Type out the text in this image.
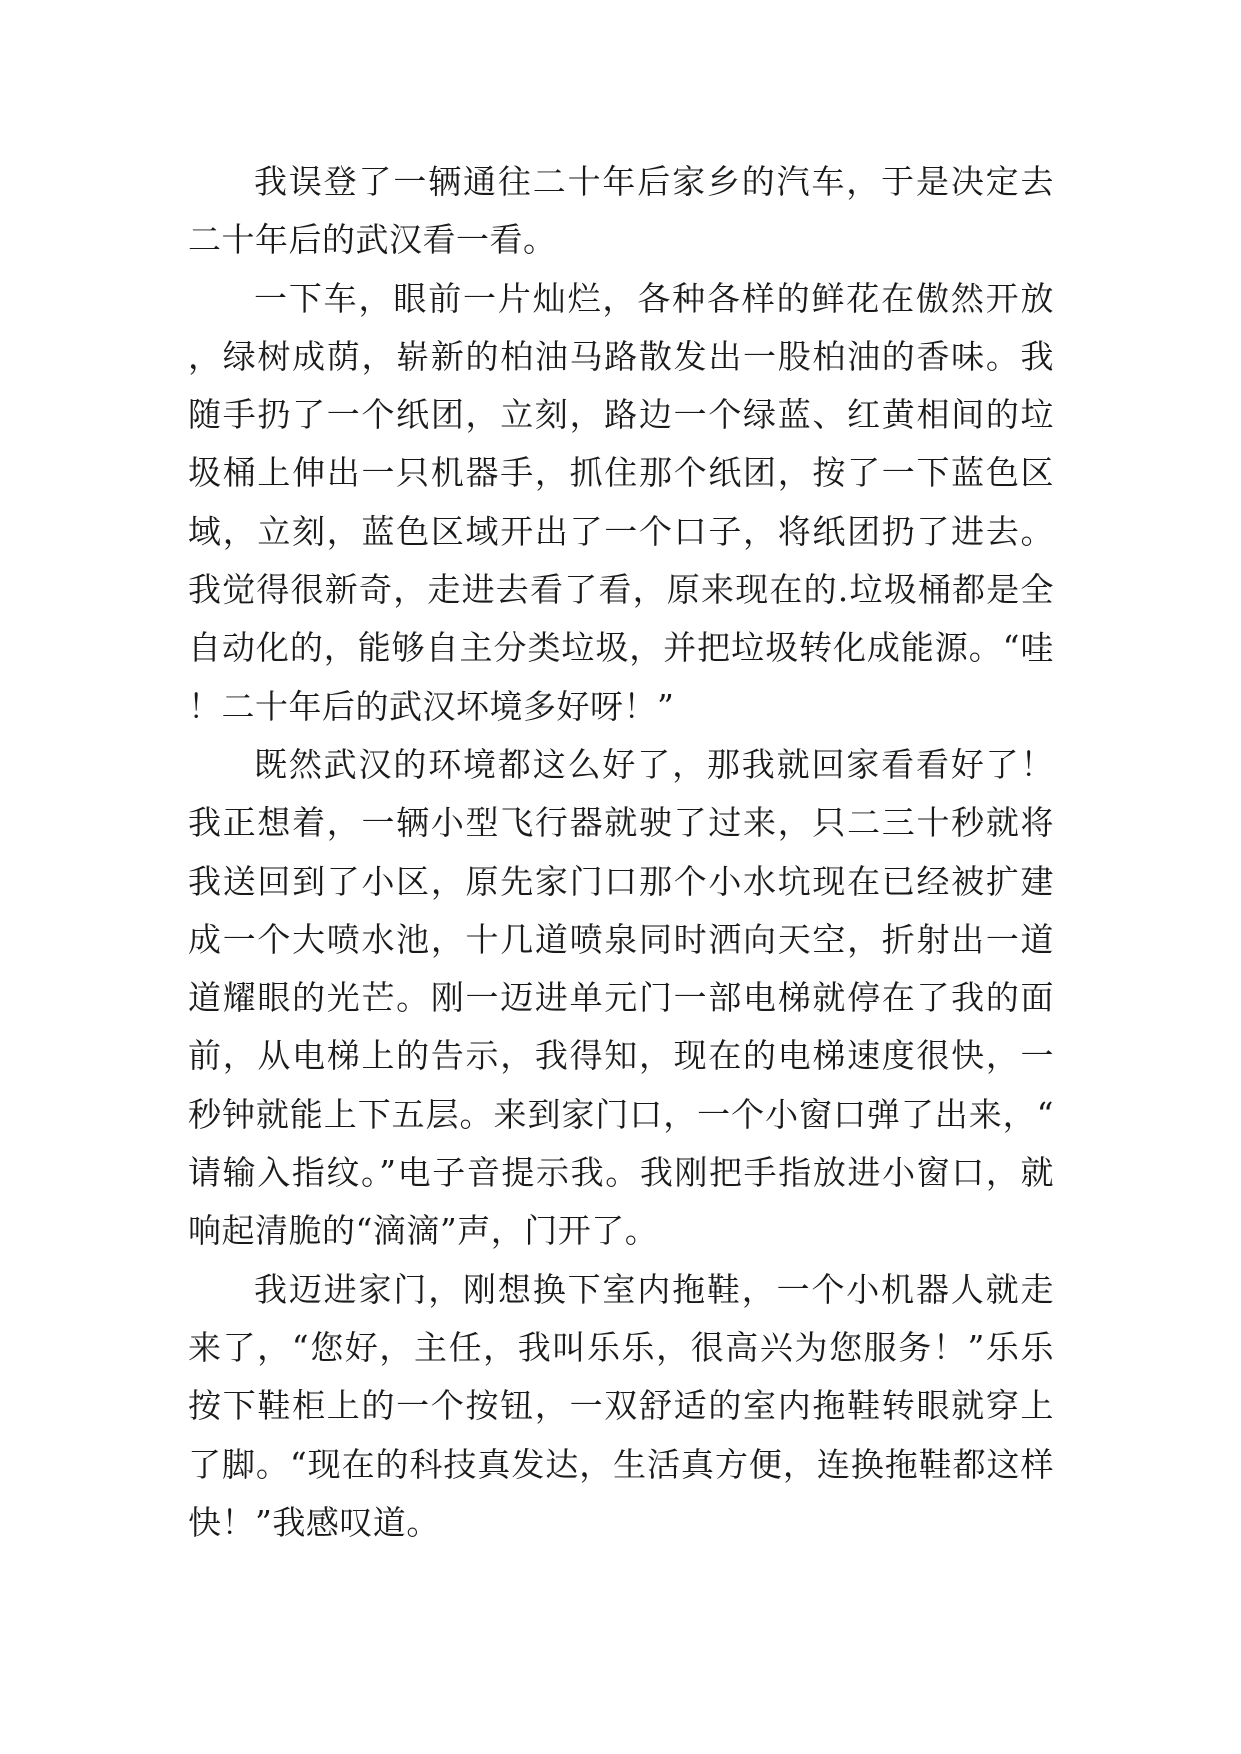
我误登了一辆通往二十年后家乡的汽车，于是决定去二十年后的武汉看一看。

一下车，眼前一片灿烂，各种各样的鲜花在傲然开放，绿树成荫，崭新的柏油马路散发出一股柏油的香味。我随手扔了一个纸团，立刻，路边一个绿蓝、红黄相间的垃圾桶上伸出一只机器手，抓住那个纸团，按了一下蓝色区域，立刻，蓝色区域开出了一个口子，将纸团扔了进去。我觉得很新奇，走进去看了看，原来现在的.垃圾桶都是全自动化的，能够自主分类垃圾，并把垃圾转化成能源。“哇！二十年后的武汉坏境多好呀！”

既然武汉的环境都这么好了，那我就回家看看好了！我正想着，一辆小型飞行器就驶了过来，只二三十秒就将我送回到了小区，原先家门口那个小水坑现在已经被扩建成一个大喷水池，十几道喷泉同时洒向天空，折射出一道道耀眼的光芒。刚一迈进单元门一部电梯就停在了我的面前，从电梯上的告示，我得知，现在的电梯速度很快，一秒钟就能上下五层。来到家门口，一个小窗口弹了出来，“请输入指纹。”电子音提示我。我刚把手指放进小窗口，就响起清脆的“滴滴”声，门开了。

我迈进家门，刚想换下室内拖鞋，一个小机器人就走来了，“您好，主任，我叫乐乐，很高兴为您服务！”乐乐按下鞋柜上的一个按钮，一双舒适的室内拖鞋转眼就穿上了脚。“现在的科技真发达，生活真方便，连换拖鞋都这样快！”我感叹道。
